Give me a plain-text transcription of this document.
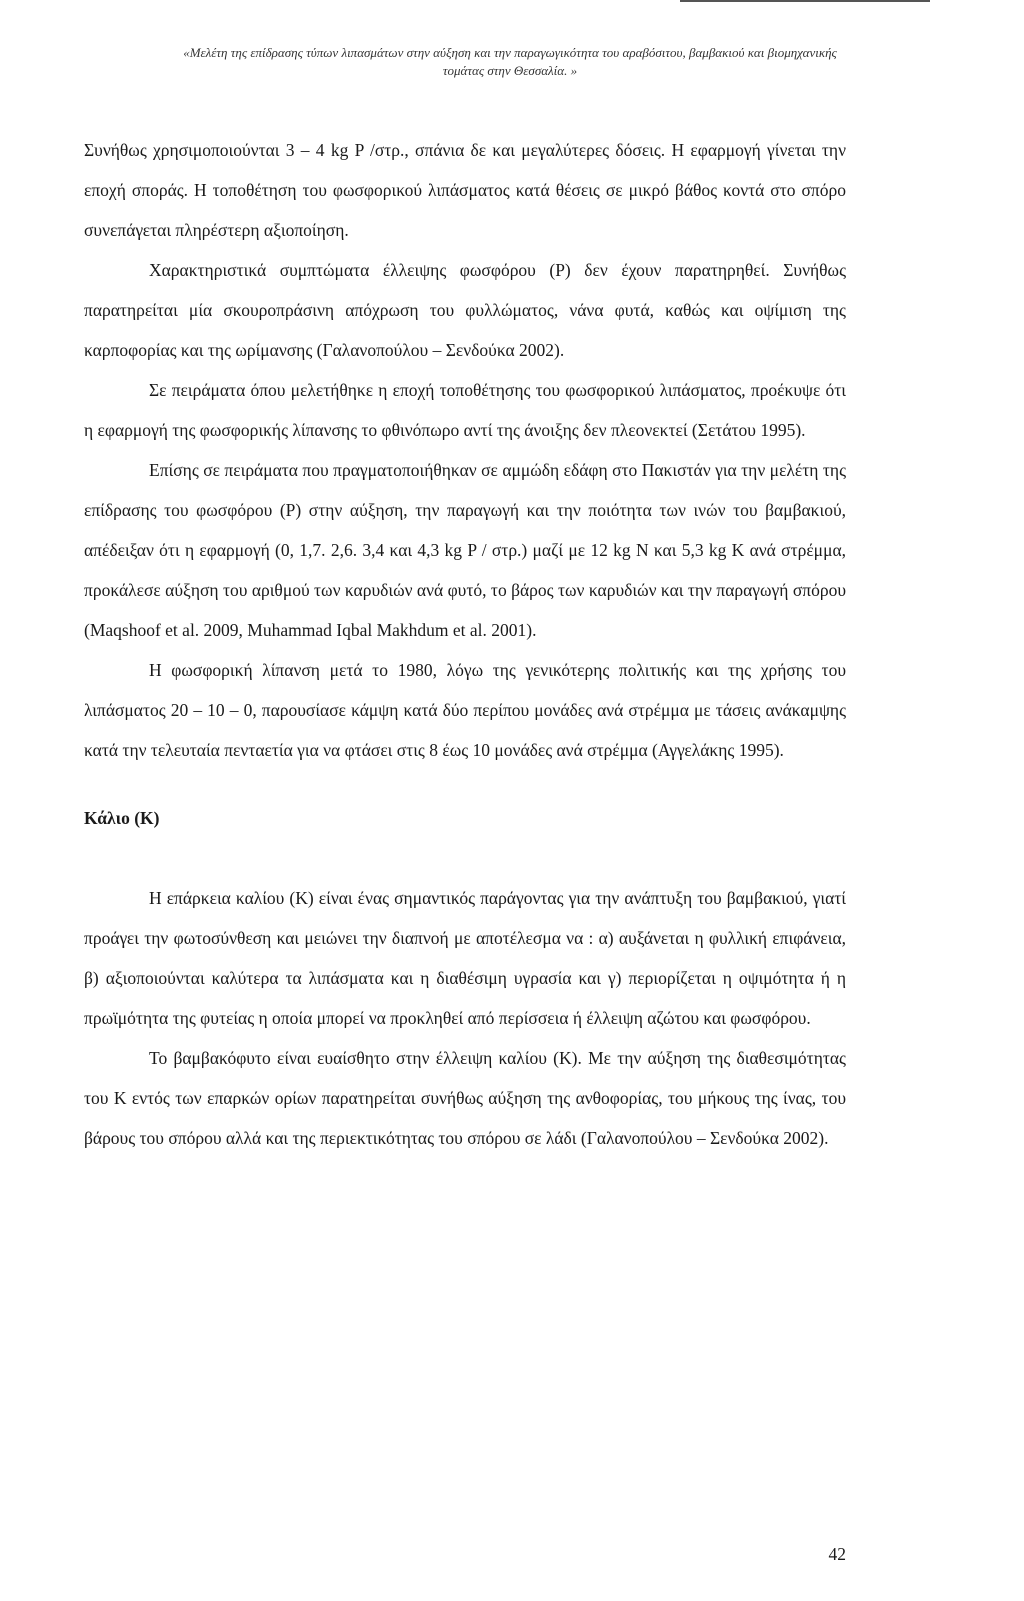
«Μελέτη της επίδρασης τύπων λιπασμάτων στην αύξηση και την παραγωγικότητα του αραβόσιτου, βαμβακιού και βιομηχανικής
τομάτας στην Θεσσαλία. »

Συνήθως χρησιμοποιούνται 3 – 4 kg P /στρ., σπάνια δε και μεγαλύτερες δόσεις. Η εφαρμογή γίνεται την εποχή σποράς. Η τοποθέτηση του φωσφορικού λιπάσματος κατά θέσεις σε μικρό βάθος κοντά στο σπόρο συνεπάγεται πληρέστερη αξιοποίηση.

Χαρακτηριστικά συμπτώματα έλλειψης φωσφόρου (P) δεν έχουν παρατηρηθεί. Συνήθως παρατηρείται μία σκουροπράσινη απόχρωση του φυλλώματος, νάνα φυτά, καθώς και οψίμιση της καρποφορίας και της ωρίμανσης (Γαλανοπούλου – Σενδούκα 2002).

Σε πειράματα όπου μελετήθηκε η εποχή τοποθέτησης του φωσφορικού λιπάσματος, προέκυψε ότι η εφαρμογή της φωσφορικής λίπανσης το φθινόπωρο αντί της άνοιξης δεν πλεονεκτεί (Σετάτου 1995).

Επίσης σε πειράματα που πραγματοποιήθηκαν σε αμμώδη εδάφη στο Πακιστάν για την μελέτη της επίδρασης του φωσφόρου (P) στην αύξηση, την παραγωγή και την ποιότητα των ινών του βαμβακιού, απέδειξαν ότι η εφαρμογή (0, 1,7. 2,6. 3,4 και 4,3 kg P / στρ.) μαζί με 12 kg N και 5,3 kg K ανά στρέμμα, προκάλεσε αύξηση του αριθμού των καρυδιών ανά φυτό, το βάρος των καρυδιών και την παραγωγή σπόρου (Maqshoof et al. 2009, Muhammad Iqbal Makhdum et al. 2001).

Η φωσφορική λίπανση μετά το 1980, λόγω της γενικότερης πολιτικής και της χρήσης του λιπάσματος 20 – 10 – 0, παρουσίασε κάμψη κατά δύο περίπου μονάδες ανά στρέμμα με τάσεις ανάκαμψης κατά την τελευταία πενταετία για να φτάσει στις 8 έως 10 μονάδες ανά στρέμμα (Αγγελάκης 1995).

Κάλιο (K)

Η επάρκεια καλίου (K) είναι ένας σημαντικός παράγοντας για την ανάπτυξη του βαμβακιού, γιατί προάγει την φωτοσύνθεση και μειώνει την διαπνοή με αποτέλεσμα να : α) αυξάνεται η φυλλική επιφάνεια, β) αξιοποιούνται καλύτερα τα λιπάσματα και η διαθέσιμη υγρασία και γ) περιορίζεται η οψιμότητα ή η πρωϊμότητα της φυτείας η οποία μπορεί να προκληθεί από περίσσεια ή έλλειψη αζώτου και φωσφόρου.

Το βαμβακόφυτο είναι ευαίσθητο στην έλλειψη καλίου (K). Με την αύξηση της διαθεσιμότητας του K εντός των επαρκών ορίων παρατηρείται συνήθως αύξηση της ανθοφορίας, του μήκους της ίνας, του βάρους του σπόρου αλλά και της περιεκτικότητας του σπόρου σε λάδι (Γαλανοπούλου – Σενδούκα 2002).

42
